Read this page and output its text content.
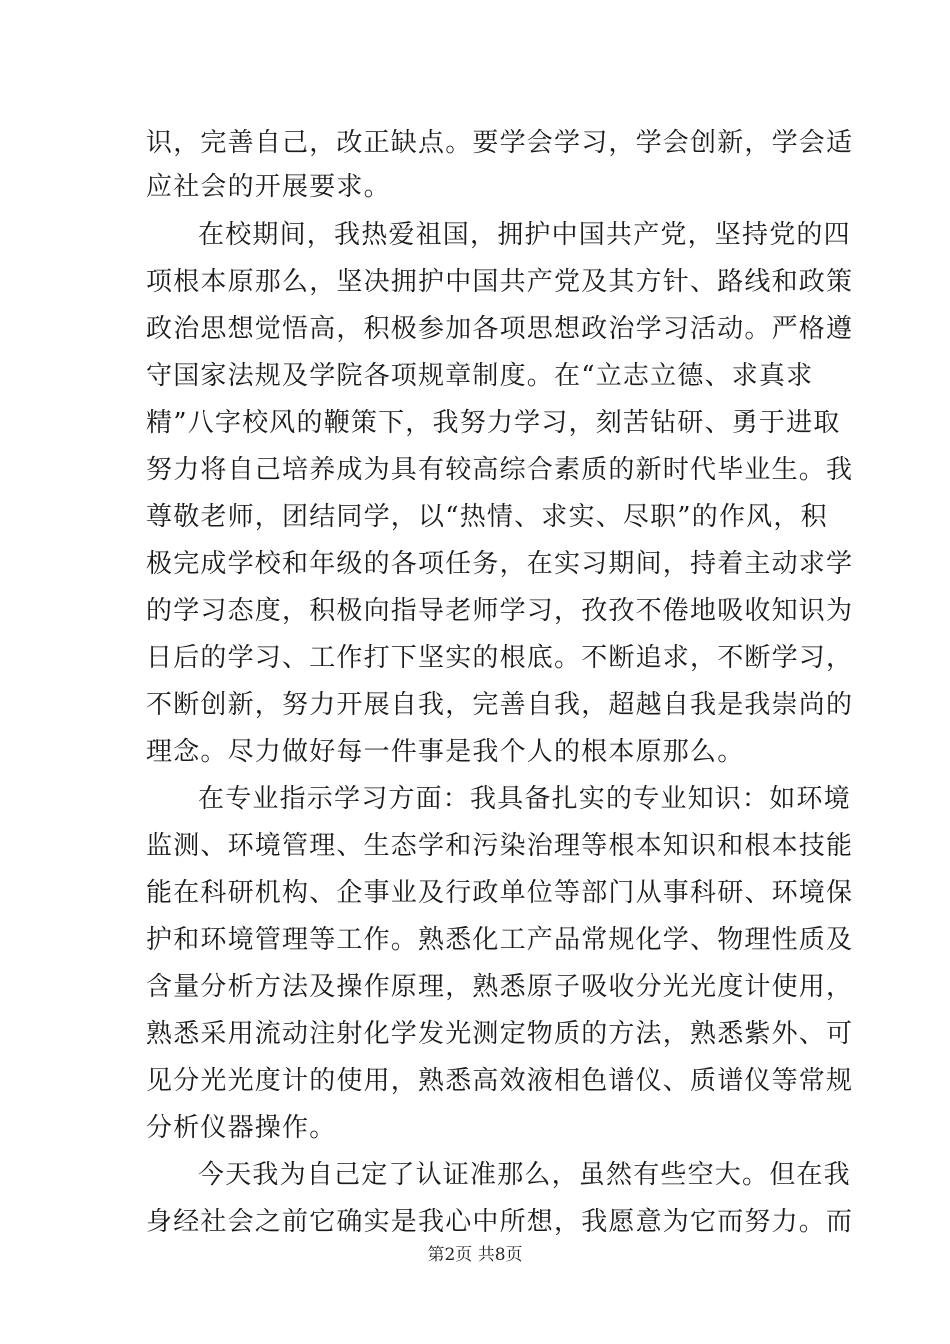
识，完善自己，改正缺点。要学会学习，学会创新，学会适
应社会的开展要求。
在校期间，我热爱祖国，拥护中国共产党，坚持党的四
项根本原那么，坚决拥护中国共产党及其方针、路线和政策
政治思想觉悟高，积极参加各项思想政治学习活动。严格遵
守国家法规及学院各项规章制度。在“立志立德、求真求
精”八字校风的鞭策下，我努力学习，刻苦钻研、勇于进取
努力将自己培养成为具有较高综合素质的新时代毕业生。我
尊敬老师，团结同学，以“热情、求实、尽职”的作风，积
极完成学校和年级的各项任务，在实习期间，持着主动求学
的学习态度，积极向指导老师学习，孜孜不倦地吸收知识为
日后的学习、工作打下坚实的根底。不断追求，不断学习，
不断创新，努力开展自我，完善自我，超越自我是我崇尚的
理念。尽力做好每一件事是我个人的根本原那么。
在专业指示学习方面：我具备扎实的专业知识：如环境
监测、环境管理、生态学和污染治理等根本知识和根本技能
能在科研机构、企事业及行政单位等部门从事科研、环境保
护和环境管理等工作。熟悉化工产品常规化学、物理性质及
含量分析方法及操作原理，熟悉原子吸收分光光度计使用，
熟悉采用流动注射化学发光测定物质的方法，熟悉紫外、可
见分光光度计的使用，熟悉高效液相色谱仪、质谱仪等常规
分析仪器操作。
今天我为自己定了认证准那么，虽然有些空大。但在我
身经社会之前它确实是我心中所想，我愿意为它而努力。而
第2页 共8页
